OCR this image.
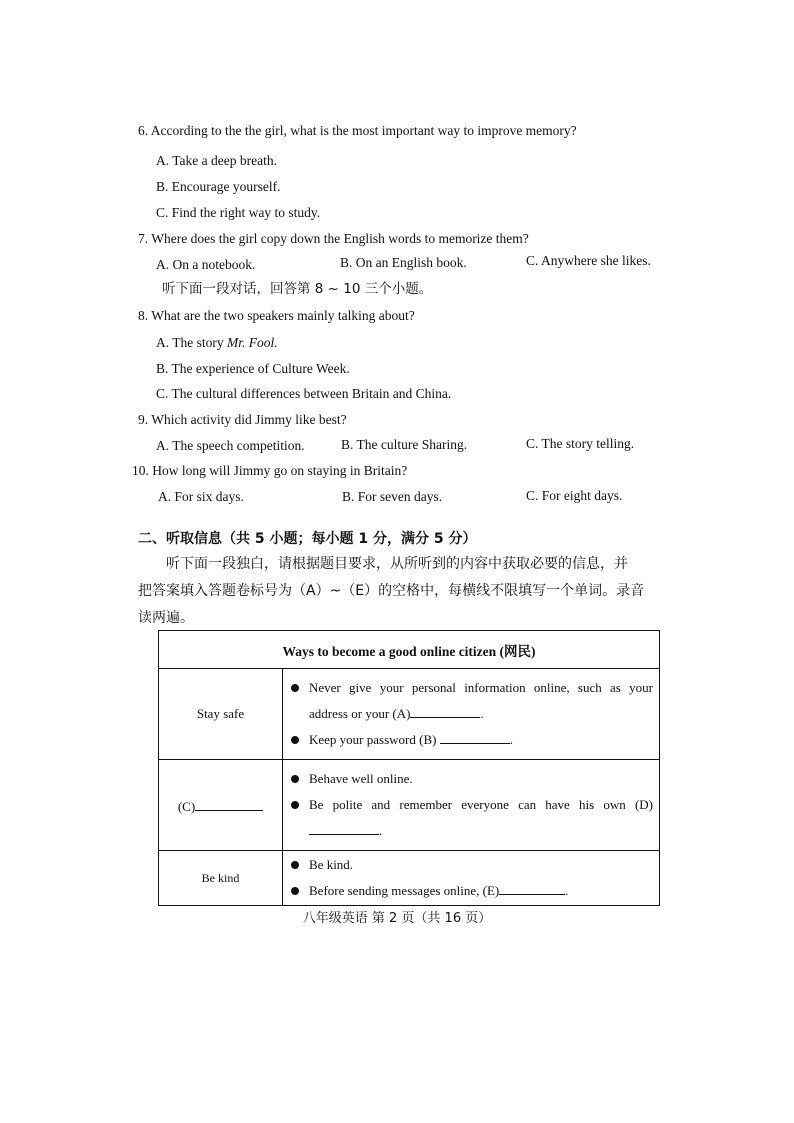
6. According to the the girl, what is the most important way to improve memory?
A. Take a deep breath.
B. Encourage yourself.
C. Find the right way to study.
7. Where does the girl copy down the English words to memorize them?
A. On a notebook.	B. On an English book.	C. Anywhere she likes.
听下面一段对话，回答第 8 ~ 10 三个小题。
8. What are the two speakers mainly talking about?
A. The story Mr. Fool.
B. The experience of Culture Week.
C. The cultural differences between Britain and China.
9. Which activity did Jimmy like best?
A. The speech competition.	B. The culture Sharing.	C. The story telling.
10. How long will Jimmy go on staying in Britain?
A. For six days.	B. For seven days.	C. For eight days.
二、听取信息（共 5 小题；每小题 1 分，满分 5 分）
听下面一段独白，请根据题目要求，从所听到的内容中获取必要的信息，并
把答案填入答题卷标号为（A）~（E）的空格中，每横线不限填写一个单词。录音
读两遍。
Ways to become a good online citizen (网民)	
Stay safe	Never give your personal information online, such as your address or your (A) .
Keep your password (B) .

(C)	Behave well online.
Be polite and remember everyone can have his own (D).

Be kind	Be kind.
Before sending messages online, (E) .
八年级英语 第 2 页（共 16 页）
